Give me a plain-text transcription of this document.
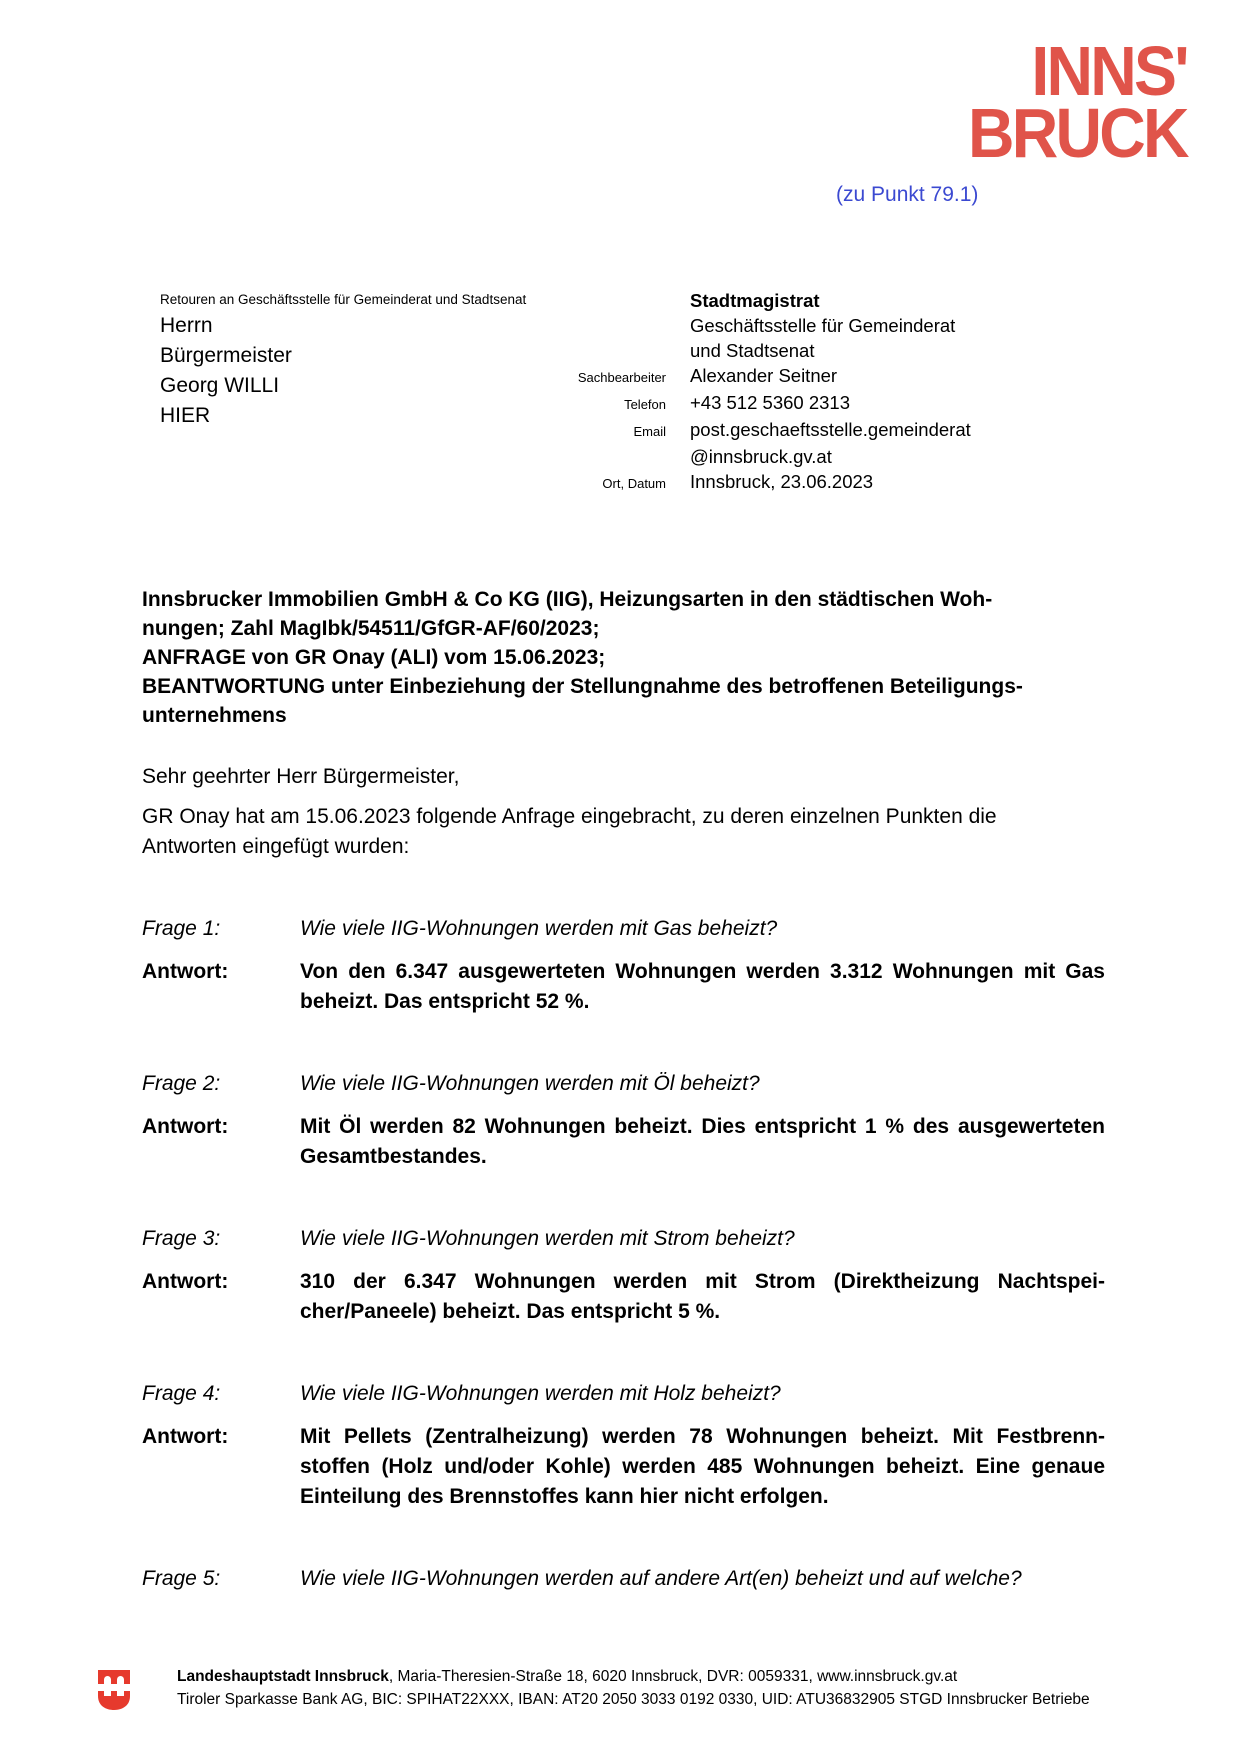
INNS'
BRUCK
(zu Punkt 79.1)
Retouren an Geschäftsstelle für Gemeinderat und Stadtsenat
Herrn
Bürgermeister
Georg WILLI
HIER
Stadtmagistrat
Geschäftsstelle für Gemeinderat
und Stadtsenat
Sachbearbeiter Alexander Seitner
Telefon +43 512 5360 2313
Email post.geschaeftsstelle.gemeinderat
@innsbruck.gv.at
Ort, Datum Innsbruck, 23.06.2023
Innsbrucker Immobilien GmbH & Co KG (IIG), Heizungsarten in den städtischen Woh-
nungen; Zahl MagIbk/54511/GfGR-AF/60/2023;
ANFRAGE von GR Onay (ALI) vom 15.06.2023;
BEANTWORTUNG unter Einbeziehung der Stellungnahme des betroffenen Beteiligungs-
unternehmens
Sehr geehrter Herr Bürgermeister,
GR Onay hat am 15.06.2023 folgende Anfrage eingebracht, zu deren einzelnen Punkten die
Antworten eingefügt wurden:
Frage 1:	Wie viele IIG-Wohnungen werden mit Gas beheizt?
Antwort:	Von den 6.347 ausgewerteten Wohnungen werden 3.312 Wohnungen mit Gas
beheizt. Das entspricht 52 %.
Frage 2:	Wie viele IIG-Wohnungen werden mit Öl beheizt?
Antwort:	Mit Öl werden 82 Wohnungen beheizt. Dies entspricht 1 % des ausgewerteten
Gesamtbestandes.
Frage 3:	Wie viele IIG-Wohnungen werden mit Strom beheizt?
Antwort:	310 der 6.347 Wohnungen werden mit Strom (Direktheizung Nachtspei-
cher/Paneele) beheizt. Das entspricht 5 %.
Frage 4:	Wie viele IIG-Wohnungen werden mit Holz beheizt?
Antwort:	Mit Pellets (Zentralheizung) werden 78 Wohnungen beheizt. Mit Festbrenn-
stoffen (Holz und/oder Kohle) werden 485 Wohnungen beheizt. Eine genaue
Einteilung des Brennstoffes kann hier nicht erfolgen.
Frage 5:	Wie viele IIG-Wohnungen werden auf andere Art(en) beheizt und auf welche?
Landeshauptstadt Innsbruck, Maria-Theresien-Straße 18, 6020 Innsbruck, DVR: 0059331, www.innsbruck.gv.at
Tiroler Sparkasse Bank AG, BIC: SPIHAT22XXX, IBAN: AT20 2050 3033 0192 0330, UID: ATU36832905 STGD Innsbrucker Betriebe
